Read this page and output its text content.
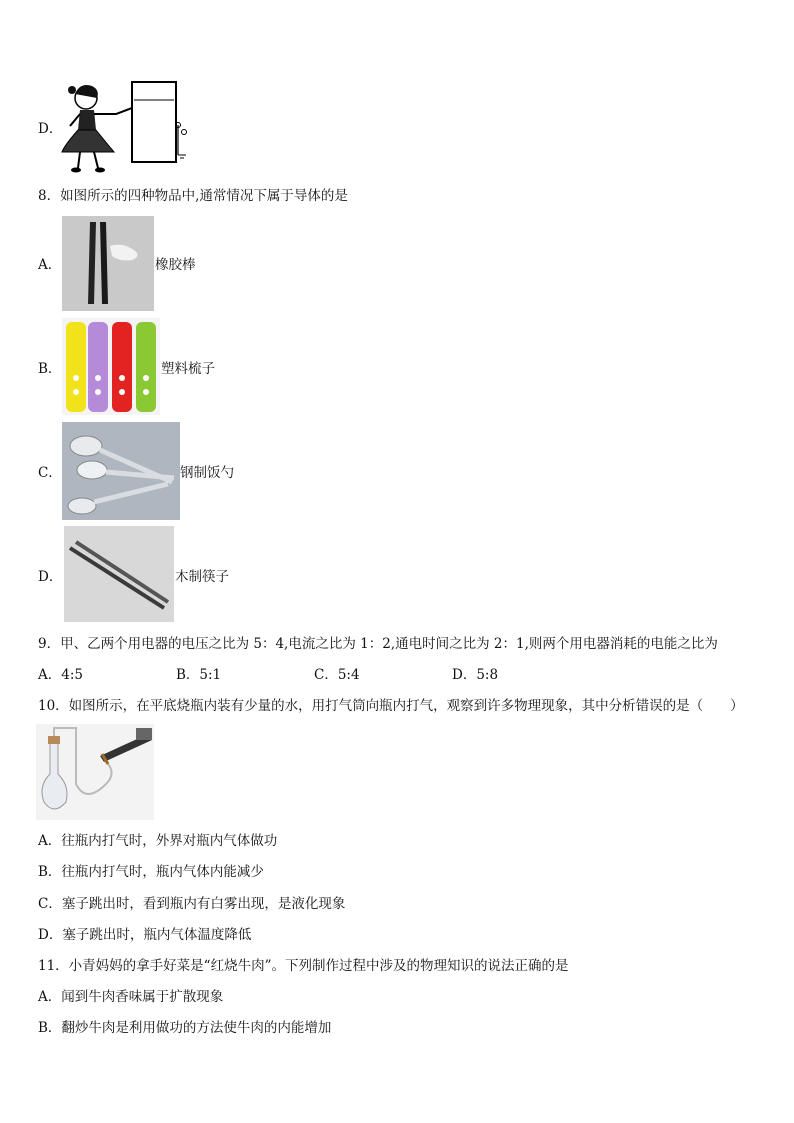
D．
8．如图所示的四种物品中,通常情况下属于导体的是
A．	橡胶棒
B．	塑料梳子
C．	钢制饭勺
D．	木制筷子
9．甲、乙两个用电器的电压之比为 5：4,电流之比为 1：2,通电时间之比为 2：1,则两个用电器消耗的电能之比为
A．4:5	B．5:1	C．5:4	D．5:8
10．如图所示，在平底烧瓶内装有少量的水，用打气筒向瓶内打气，观察到许多物理现象，其中分析错误的是（　　）
A．往瓶内打气时，外界对瓶内气体做功
B．往瓶内打气时，瓶内气体内能减少
C．塞子跳出时，看到瓶内有白雾出现，是液化现象
D．塞子跳出时，瓶内气体温度降低
11．小青妈妈的拿手好菜是“红烧牛肉”。下列制作过程中涉及的物理知识的说法正确的是
A．闻到牛肉香味属于扩散现象
B．翻炒牛肉是利用做功的方法使牛肉的内能增加
